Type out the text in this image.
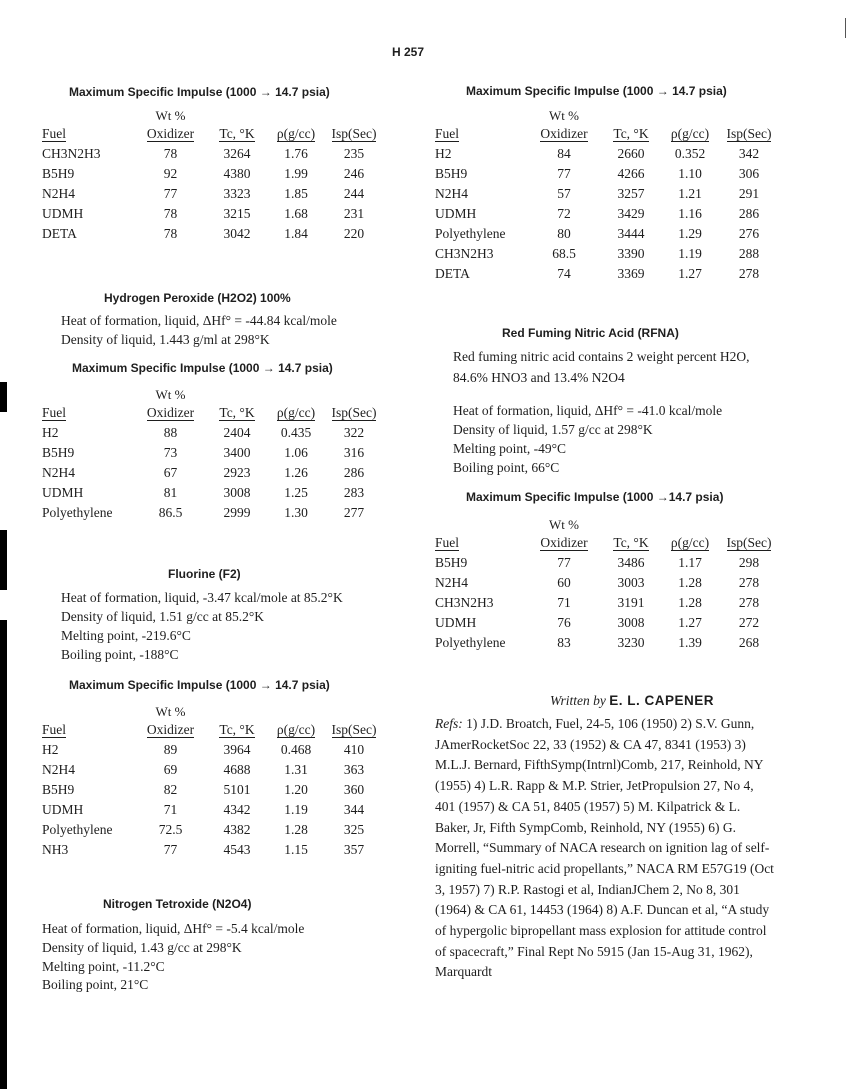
H 257
Maximum Specific Impulse (1000 → 14.7 psia)
	Wt %			
Fuel	Oxidizer	Tc, °K	ρ(g/cc)	Isp(Sec)
CH3N2H3	78	3264	1.76	235
B5H9	92	4380	1.99	246
N2H4	77	3323	1.85	244
UDMH	78	3215	1.68	231
DETA	78	3042	1.84	220
Hydrogen Peroxide (H2O2) 100%
Heat of formation, liquid, ΔHf° = -44.84 kcal/mole
Density of liquid, 1.443 g/ml at 298°K
Maximum Specific Impulse (1000 → 14.7 psia)
	Wt %			
Fuel	Oxidizer	Tc, °K	ρ(g/cc)	Isp(Sec)
H2	88	2404	0.435	322
B5H9	73	3400	1.06	316
N2H4	67	2923	1.26	286
UDMH	81	3008	1.25	283
Polyethylene	86.5	2999	1.30	277
Fluorine (F2)
Heat of formation, liquid, -3.47 kcal/mole at 85.2°K
Density of liquid, 1.51 g/cc at 85.2°K
Melting point, -219.6°C
Boiling point, -188°C
Maximum Specific Impulse (1000 → 14.7 psia)
	Wt %			
Fuel	Oxidizer	Tc, °K	ρ(g/cc)	Isp(Sec)
H2	89	3964	0.468	410
N2H4	69	4688	1.31	363
B5H9	82	5101	1.20	360
UDMH	71	4342	1.19	344
Polyethylene	72.5	4382	1.28	325
NH3	77	4543	1.15	357
Nitrogen Tetroxide (N2O4)
Heat of formation, liquid, ΔHf° = -5.4 kcal/mole
Density of liquid, 1.43 g/cc at 298°K
Melting point, -11.2°C
Boiling point, 21°C
Maximum Specific Impulse (1000 → 14.7 psia)
	Wt %			
Fuel	Oxidizer	Tc, °K	ρ(g/cc)	Isp(Sec)
H2	84	2660	0.352	342
B5H9	77	4266	1.10	306
N2H4	57	3257	1.21	291
UDMH	72	3429	1.16	286
Polyethylene	80	3444	1.29	276
CH3N2H3	68.5	3390	1.19	288
DETA	74	3369	1.27	278
Red Fuming Nitric Acid (RFNA)
Red fuming nitric acid contains 2 weight percent H2O,
84.6% HNO3 and 13.4% N2O4
Heat of formation, liquid, ΔHf° = -41.0 kcal/mole
Density of liquid, 1.57 g/cc at 298°K
Melting point, -49°C
Boiling point, 66°C
Maximum Specific Impulse (1000 →14.7 psia)
	Wt %			
Fuel	Oxidizer	Tc, °K	ρ(g/cc)	Isp(Sec)
B5H9	77	3486	1.17	298
N2H4	60	3003	1.28	278
CH3N2H3	71	3191	1.28	278
UDMH	76	3008	1.27	272
Polyethylene	83	3230	1.39	268
Written by E. L. CAPENER
Refs: 1) J.D. Broatch, Fuel, 24-5, 106 (1950) 2) S.V. Gunn, JAmerRocketSoc 22, 33 (1952) & CA 47, 8341 (1953) 3) M.L.J. Bernard, FifthSymp(Intrnl)Comb, 217, Reinhold, NY (1955) 4) L.R. Rapp & M.P. Strier, JetPropulsion 27, No 4, 401 (1957) & CA 51, 8405 (1957) 5) M. Kilpatrick & L. Baker, Jr, Fifth SympComb, Reinhold, NY (1955) 6) G. Morrell, “Summary of NACA research on ignition lag of self-igniting fuel-nitric acid propellants,” NACA RM E57G19 (Oct 3, 1957) 7) R.P. Rastogi et al, IndianJChem 2, No 8, 301 (1964) & CA 61, 14453 (1964) 8) A.F. Duncan et al, “A study of hypergolic bipropellant mass explosion for attitude control of spacecraft,” Final Rept No 5915 (Jan 15-Aug 31, 1962), Marquardt
